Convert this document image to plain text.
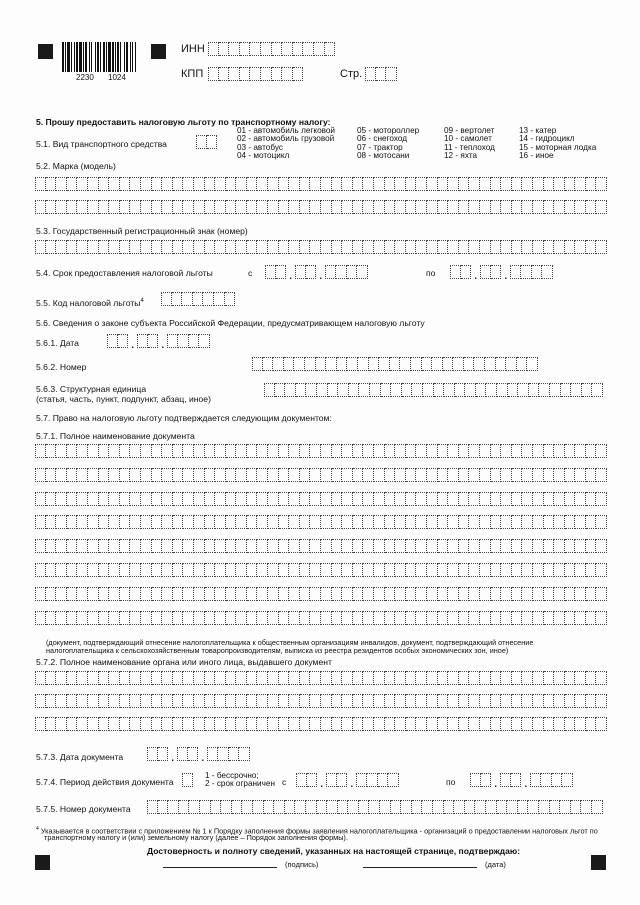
2230 1024
ИНН
КПП	Стр.
5. Прошу предоставить налоговую льготу по транспортному налогу:
5.1. Вид транспортного средства
01 - автомобиль легковой
02 - автомобиль грузовой
03 - автобус
04 - мотоцикл
05 - мотороллер
06 - снегоход
07 - трактор
08 - мотосани
09 - вертолет
10 - самолет
11 - теплоход
12 - яхта
13 - катер
14 - гидроцикл
15 - моторная лодка
16 - иное
5.2. Марка (модель)
5.3. Государственный регистрационный знак (номер)
5.4. Срок предоставления налоговой льготы	с	. .	по	. .
5.5. Код налоговой льготы$^4$
5.6. Сведения о законе субъекта Российской Федерации, предусматривающем налоговую льготу
5.6.1. Дата	. .
5.6.2. Номер
5.6.3. Структурная единица
(статья, часть, пункт, подпункт, абзац, иное)
5.7. Право на налоговую льготу подтверждается следующим документом:
5.7.1. Полное наименование документа
(документ, подтверждающий отнесение налогоплательщика к общественным организациям инвалидов, документ, подтверждающий отнесение
налогоплательщика к сельскохозяйственным товаропроизводителям, выписка из реестра резидентов особых экономических зон, иное)
5.7.2. Полное наименование органа или иного лица, выдавшего документ
5.7.3. Дата документа	. .
5.7.4. Период действия документа
1 - бессрочно;
2 - срок ограничен с . .	по	. .
5.7.5. Номер документа
$^4$ Указывается в соответствии с приложением № 1 к Порядку заполнения формы заявления налогоплательщика - организаций о предоставлении налоговых льгот по
транспортному налогу и (или) земельному налогу (далее – Порядок заполнения формы).
Достоверность и полноту сведений, указанных на настоящей странице, подтверждаю:
(подпись)	(дата)
